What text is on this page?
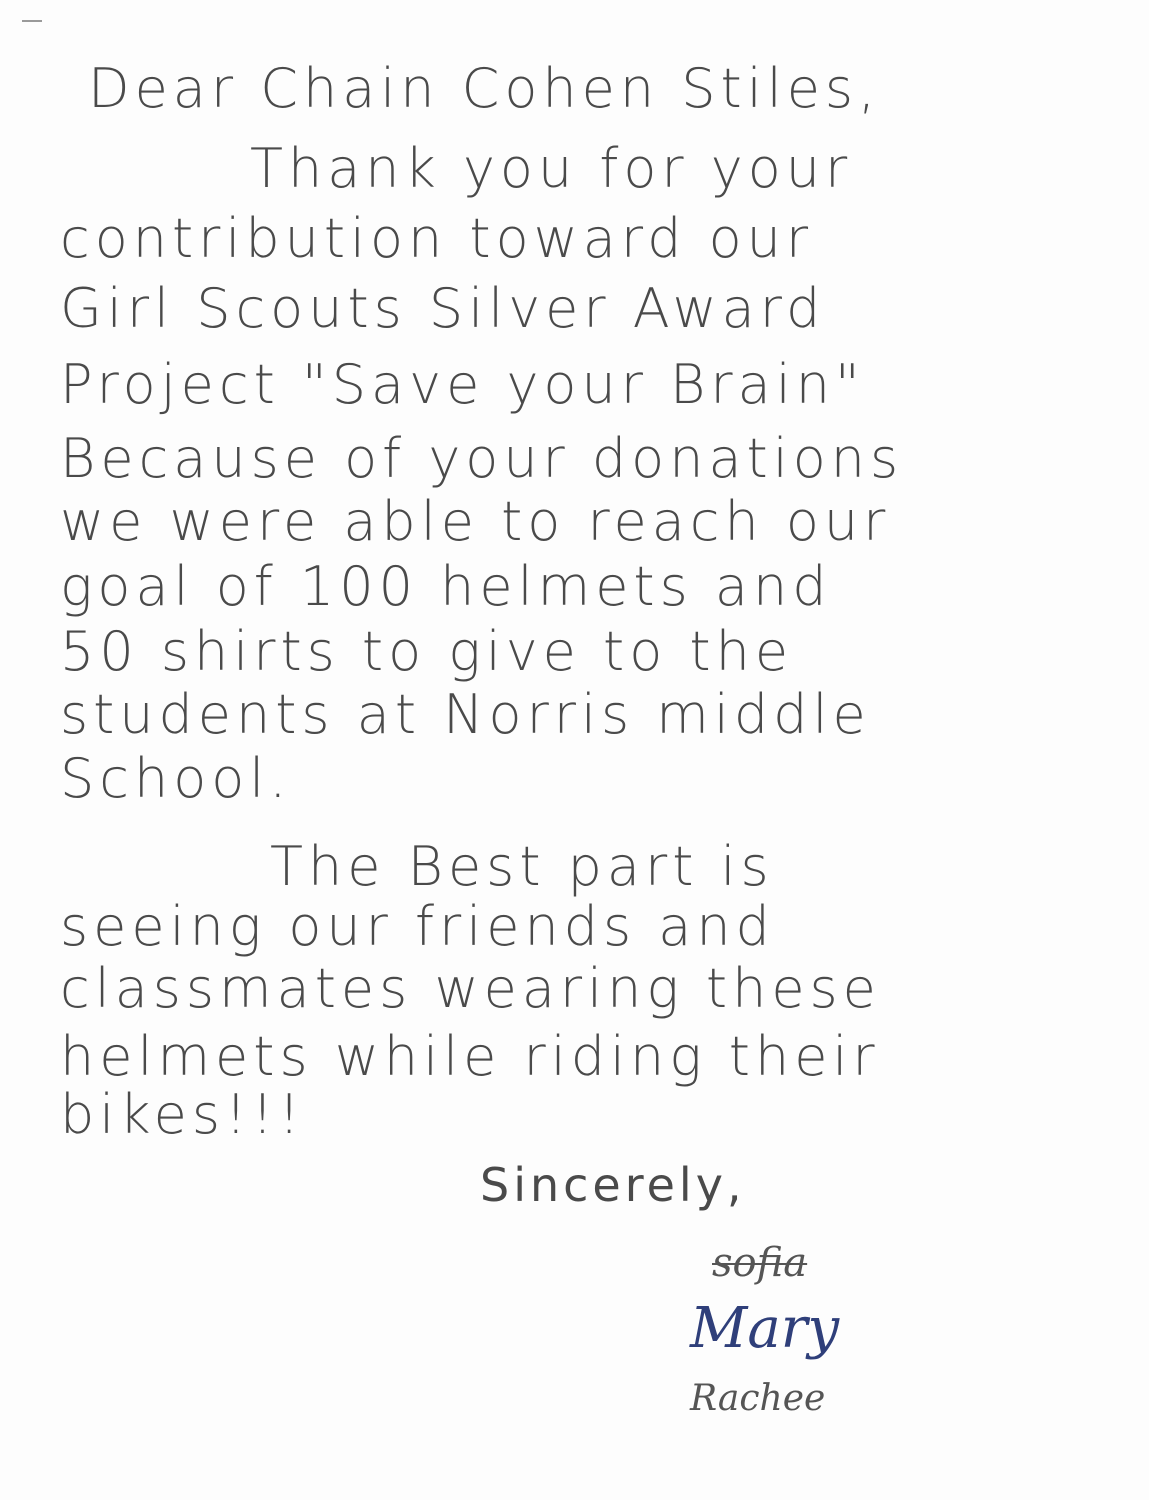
Dear Chain Cohen Stiles,
Thank you for your
contribution toward our
Girl Scouts Silver Award
Project "Save your Brain"
Because of your donations
we were able to reach our
goal of 100 helmets and
50 shirts to give to the
students at Norris middle
School.
The Best part is
seeing our friends and
classmates wearing these
helmets while riding their
bikes!!!
Sincerely,
sofia
Mary
Rachee
